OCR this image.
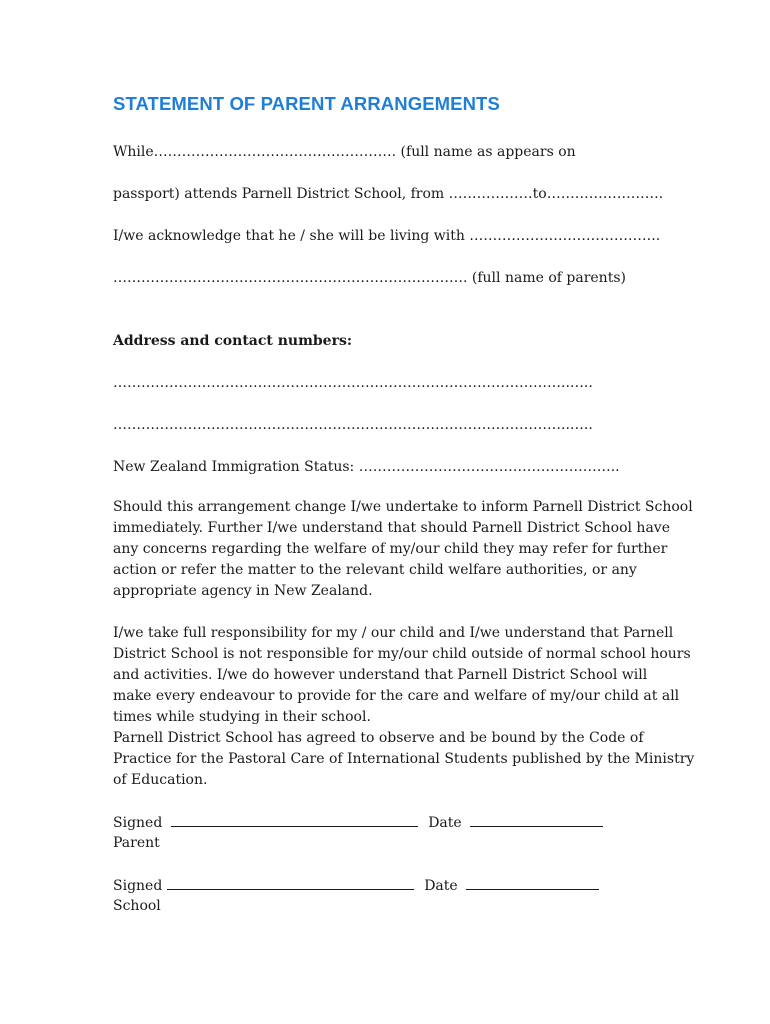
STATEMENT OF PARENT ARRANGEMENTS
While……………………………………………. (full name as appears on
passport) attends Parnell District School, from ………………to…………………….
I/we acknowledge that he / she will be living with …………………………………..
…………………………………………………………………. (full name of parents)
Address and contact numbers:
……………………………………………………………………………………..…..
……………………………………………………………………………………..…..
New Zealand Immigration Status: ………………………………………………..
Should this arrangement change I/we undertake to inform Parnell District School
immediately. Further I/we understand that should Parnell District School have
any concerns regarding the welfare of my/our child they may refer for further
action or refer the matter to the relevant child welfare authorities, or any
appropriate agency in New Zealand.
I/we take full responsibility for my / our child and I/we understand that Parnell
District School is not responsible for my/our child outside of normal school hours
and activities. I/we do however understand that Parnell District School will
make every endeavour to provide for the care and welfare of my/our child at all
times while studying in their school.
Parnell District School has agreed to observe and be bound by the Code of
Practice for the Pastoral Care of International Students published by the Ministry
of Education.
Signed	Date
Parent
Signed	Date
School
